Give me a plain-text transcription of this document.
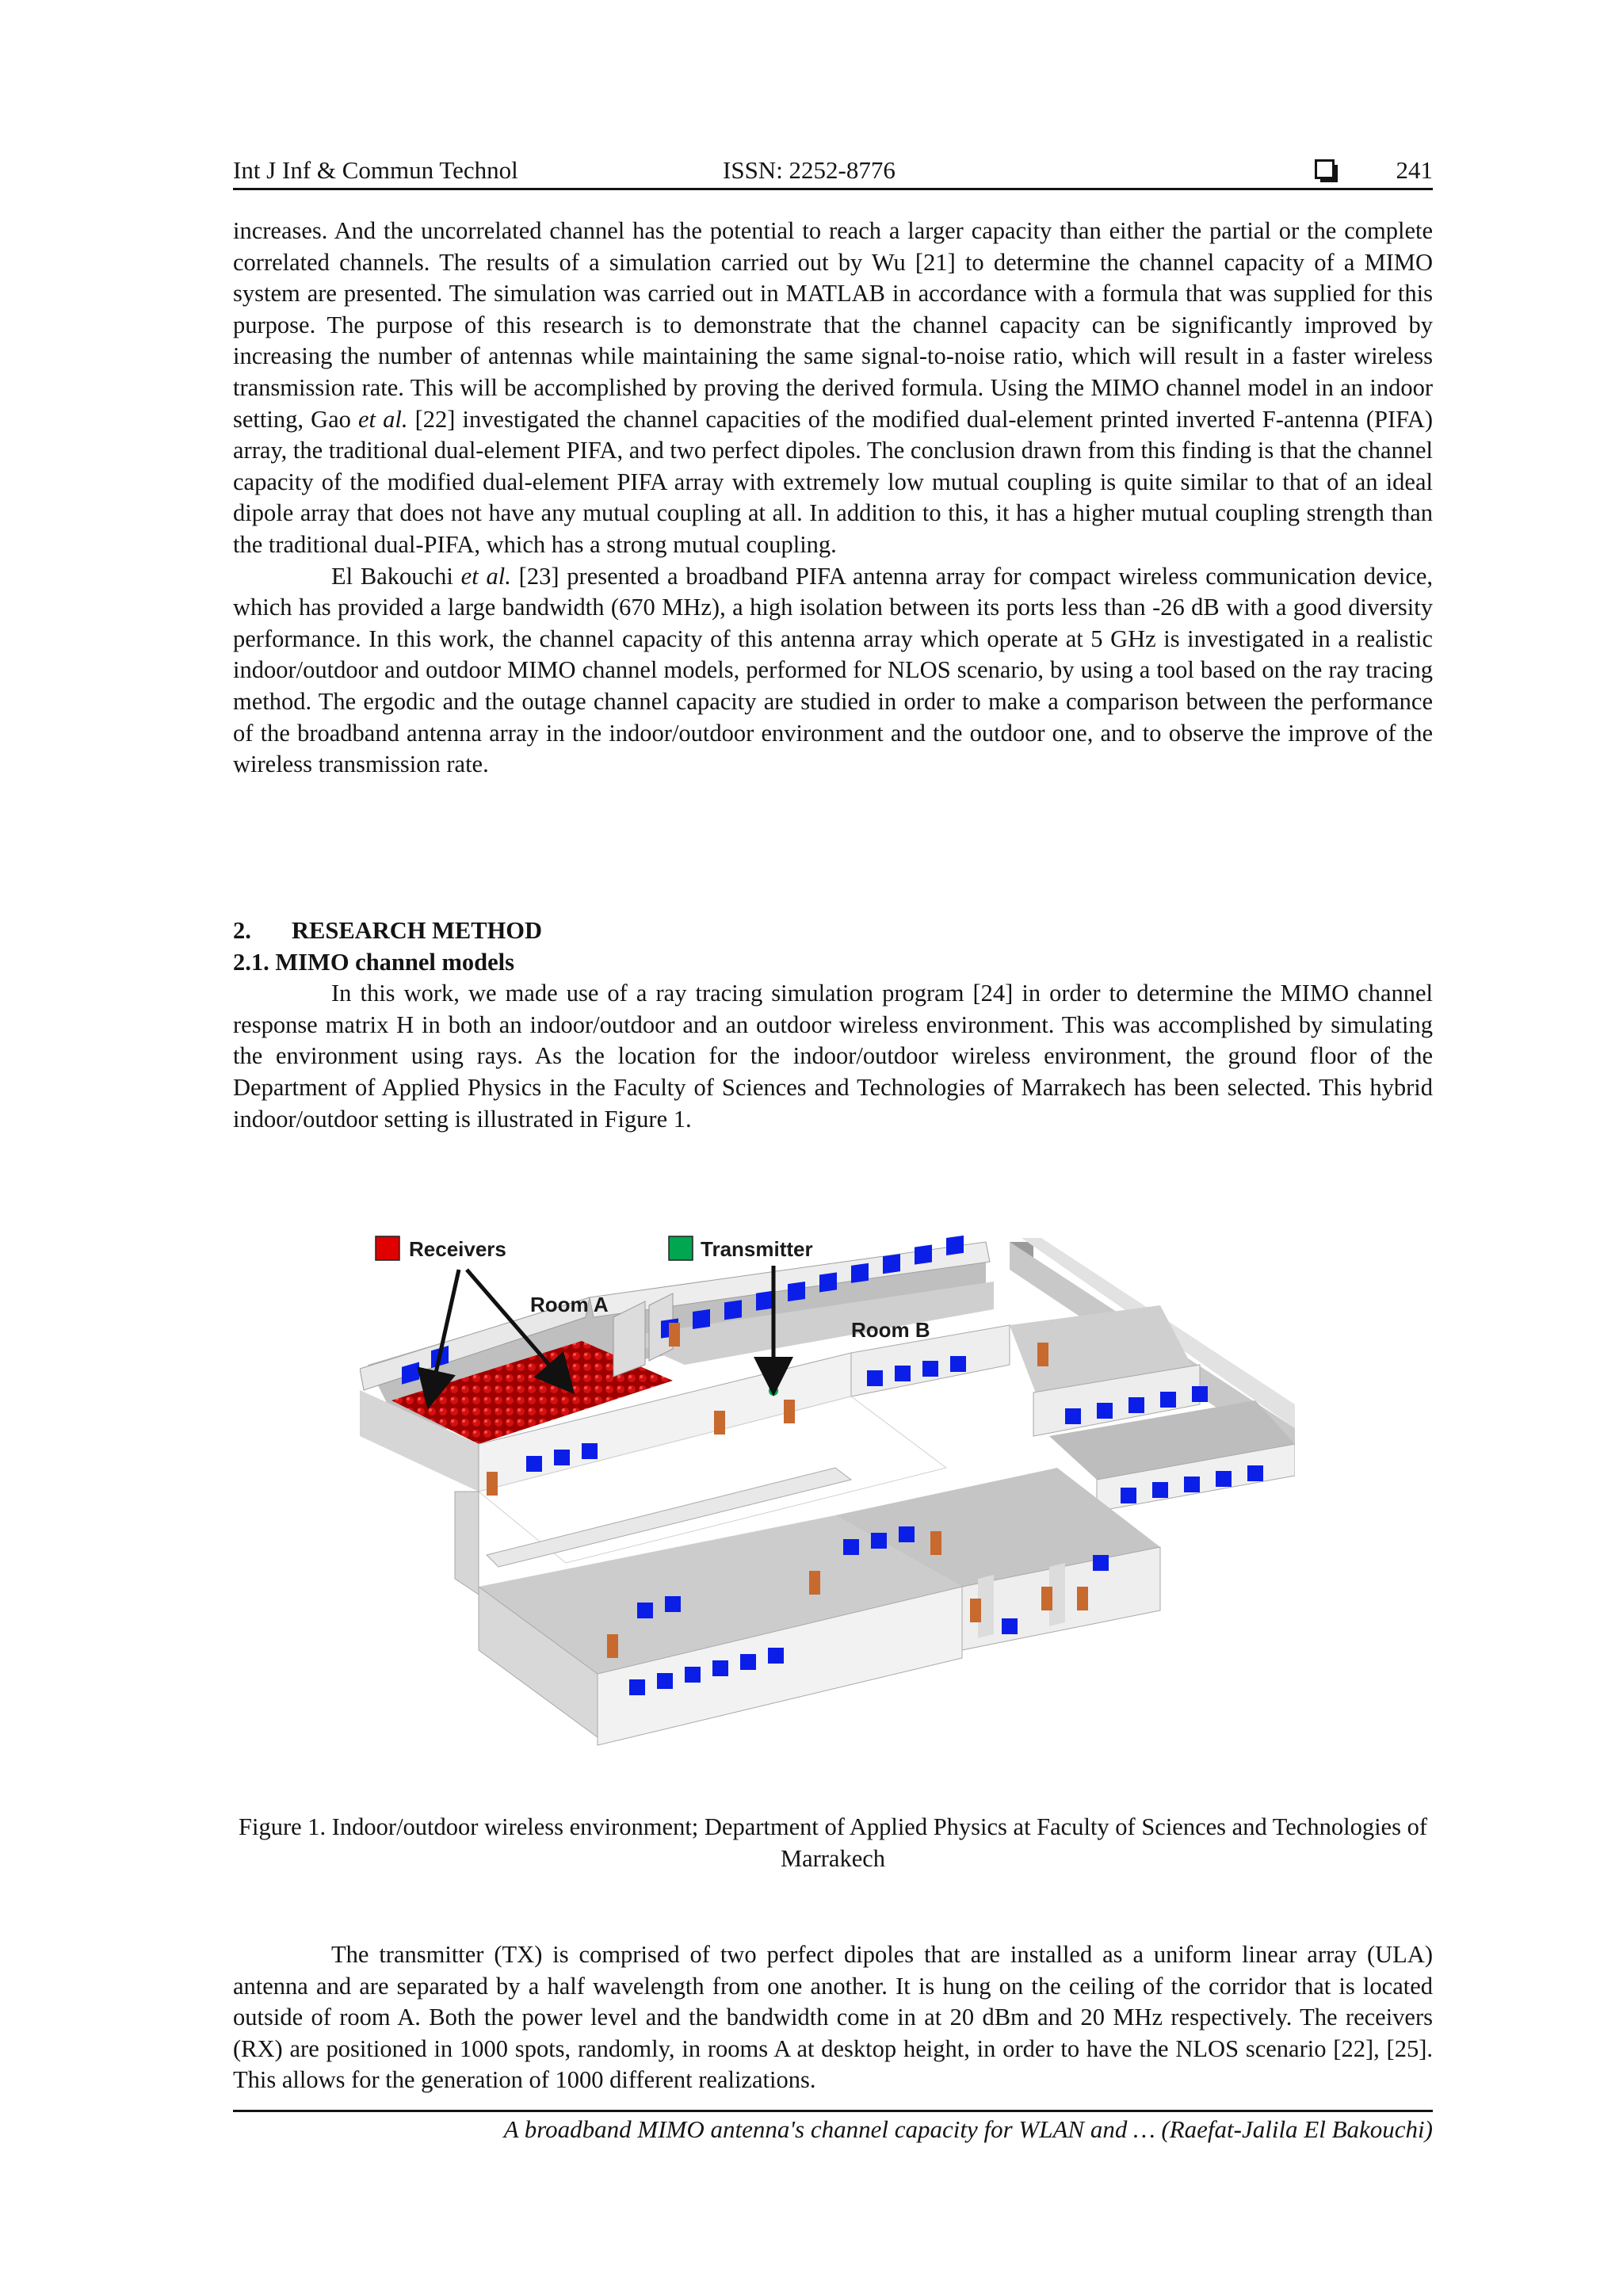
Int J Inf & Commun Technol	ISSN: 2252-8776	241

increases. And the uncorrelated channel has the potential to reach a larger capacity than either the partial or the complete correlated channels. The results of a simulation carried out by Wu [21] to determine the channel capacity of a MIMO system are presented. The simulation was carried out in MATLAB in accordance with a formula that was supplied for this purpose. The purpose of this research is to demonstrate that the channel capacity can be significantly improved by increasing the number of antennas while maintaining the same signal-to-noise ratio, which will result in a faster wireless transmission rate. This will be accomplished by proving the derived formula. Using the MIMO channel model in an indoor setting, Gao et al. [22] investigated the channel capacities of the modified dual-element printed inverted F-antenna (PIFA) array, the traditional dual-element PIFA, and two perfect dipoles. The conclusion drawn from this finding is that the channel capacity of the modified dual-element PIFA array with extremely low mutual coupling is quite similar to that of an ideal dipole array that does not have any mutual coupling at all. In addition to this, it has a higher mutual coupling strength than the traditional dual-PIFA, which has a strong mutual coupling.

El Bakouchi et al. [23] presented a broadband PIFA antenna array for compact wireless communication device, which has provided a large bandwidth (670 MHz), a high isolation between its ports less than -26 dB with a good diversity performance. In this work, the channel capacity of this antenna array which operate at 5 GHz is investigated in a realistic indoor/outdoor and outdoor MIMO channel models, performed for NLOS scenario, by using a tool based on the ray tracing method. The ergodic and the outage channel capacity are studied in order to make a comparison between the performance of the broadband antenna array in the indoor/outdoor environment and the outdoor one, and to observe the improve of the wireless transmission rate.

2. RESEARCH METHOD
2.1. MIMO channel models

In this work, we made use of a ray tracing simulation program [24] in order to determine the MIMO channel response matrix H in both an indoor/outdoor and an outdoor wireless environment. This was accomplished by simulating the environment using rays. As the location for the indoor/outdoor wireless environment, the ground floor of the Department of Applied Physics in the Faculty of Sciences and Technologies of Marrakech has been selected. This hybrid indoor/outdoor setting is illustrated in Figure 1.

Receivers	Transmitter
Room A
Room B
Figure 1. Indoor/outdoor wireless environment; Department of Applied Physics at Faculty of Sciences and Technologies of Marrakech

The transmitter (TX) is comprised of two perfect dipoles that are installed as a uniform linear array (ULA) antenna and are separated by a half wavelength from one another. It is hung on the ceiling of the corridor that is located outside of room A. Both the power level and the bandwidth come in at 20 dBm and 20 MHz respectively. The receivers (RX) are positioned in 1000 spots, randomly, in rooms A at desktop height, in order to have the NLOS scenario [22], [25]. This allows for the generation of 1000 different realizations.

A broadband MIMO antenna's channel capacity for WLAN and … (Raefat-Jalila El Bakouchi)
